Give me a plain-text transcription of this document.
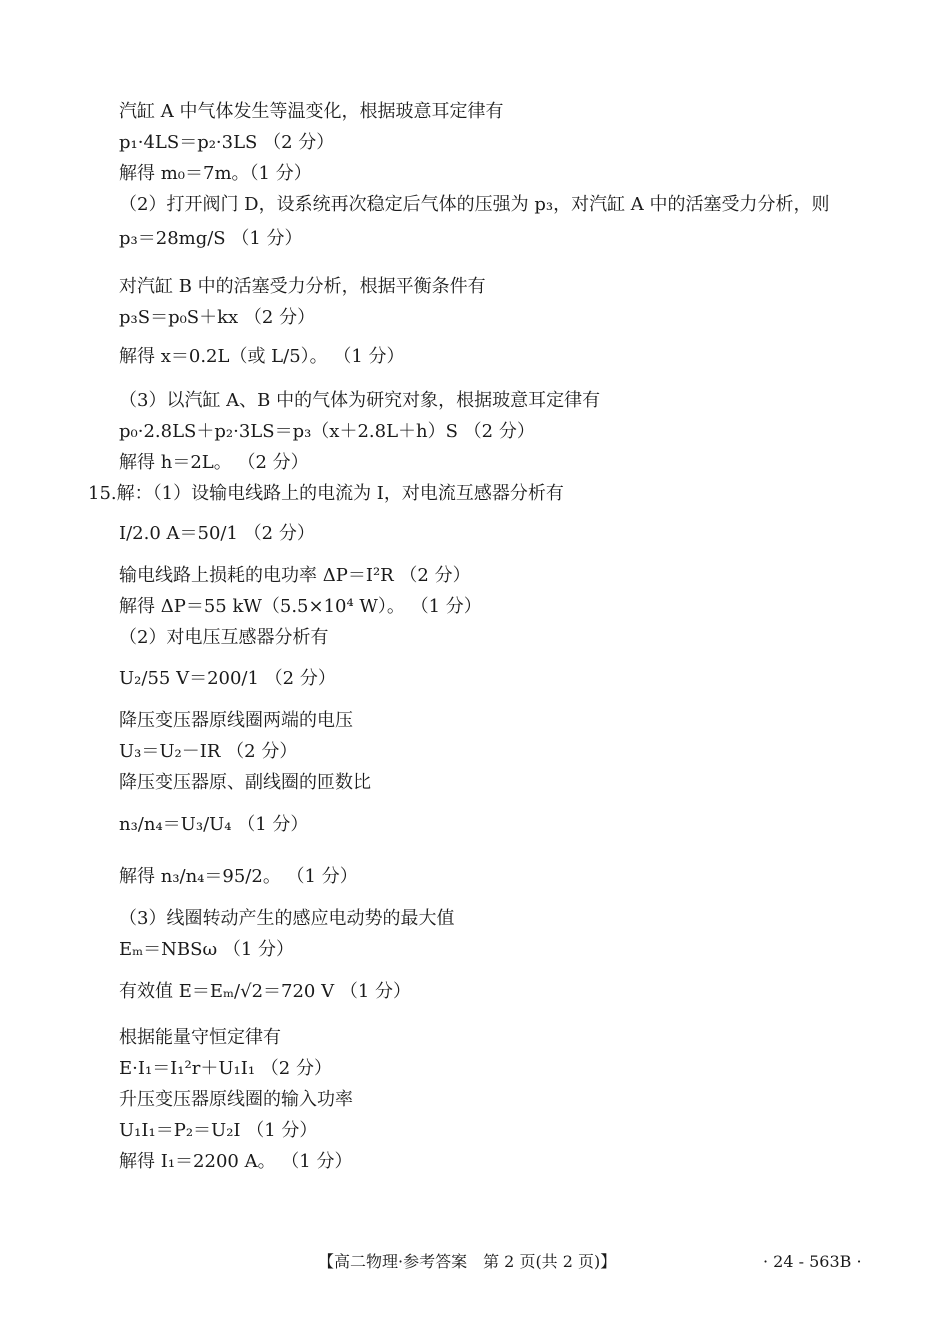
汽缸 A 中气体发生等温变化，根据玻意耳定律有
p₁·4LS＝p₂·3LS （2 分）
解得 m₀＝7m。（1 分）
（2）打开阀门 D，设系统再次稳定后气体的压强为 p₃，对汽缸 A 中的活塞受力分析，则
p₃＝28mg/S （1 分）
对汽缸 B 中的活塞受力分析，根据平衡条件有
p₃S＝p₀S＋kx （2 分）
解得 x＝0.2L（或 L/5）。 （1 分）
（3）以汽缸 A、B 中的气体为研究对象，根据玻意耳定律有
p₀·2.8LS＋p₂·3LS＝p₃（x＋2.8L＋h）S （2 分）
解得 h＝2L。 （2 分）
15.解：（1）设输电线路上的电流为 I，对电流互感器分析有
I/2.0 A＝50/1 （2 分）
输电线路上损耗的电功率 ΔP＝I²R （2 分）
解得 ΔP＝55 kW（5.5×10⁴ W）。 （1 分）
（2）对电压互感器分析有
U₂/55 V＝200/1 （2 分）
降压变压器原线圈两端的电压
U₃＝U₂－IR （2 分）
降压变压器原、副线圈的匝数比
n₃/n₄＝U₃/U₄ （1 分）
解得 n₃/n₄＝95/2。 （1 分）
（3）线圈转动产生的感应电动势的最大值
Eₘ＝NBSω （1 分）
有效值 E＝Eₘ/√2＝720 V （1 分）
根据能量守恒定律有
E·I₁＝I₁²r＋U₁I₁ （2 分）
升压变压器原线圈的输入功率
U₁I₁＝P₂＝U₂I （1 分）
解得 I₁＝2200 A。 （1 分）
【高二物理·参考答案　第 2 页(共 2 页)】	· 24 - 563B ·
